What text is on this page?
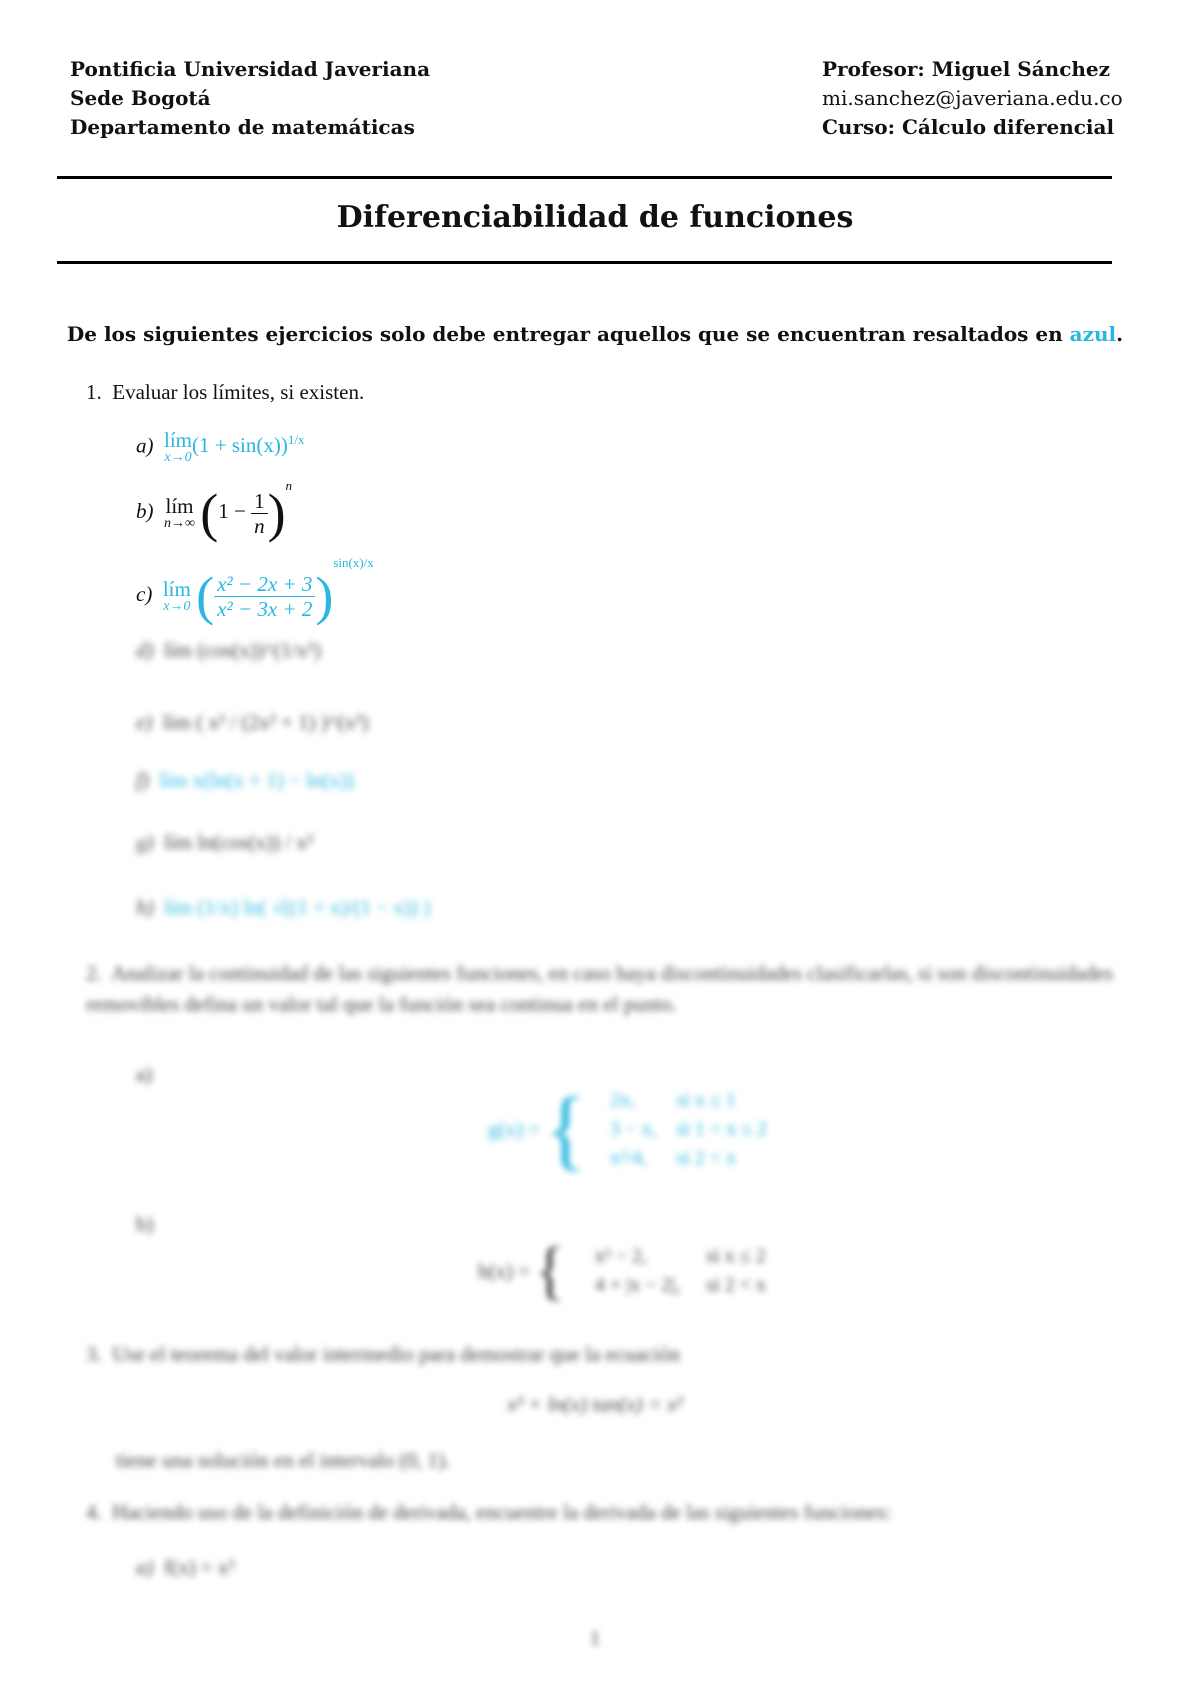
Pontificia Universidad Javeriana
Sede Bogotá
Departamento de matemáticas
Profesor: Miguel Sánchez
mi.sanchez@javeriana.edu.co
Curso: Cálculo diferencial
Diferenciabilidad de funciones
De los siguientes ejercicios solo debe entregar aquellos que se encuentran resaltados en azul.
1. Evaluar los límites, si existen.
a) lím
x→0
$(1 + \sin(x))^{1/x}$
b) lím
n→∞ $(1 - \frac{1}{n} )^n$
c) lím
x→0 ( $\frac{\text{x² − 2x + 3}}{\text{x² − 3x + 2}} )^{sin(x)/x}$
d) lím (cos(x))^(1/x²)
e) lím ( x² / (2x² + 1) )^(x²)
f) lím x(ln(x + 1) − ln(x))
g) lím ln(cos(x)) / x²
h) lím (1/x) ln( √((1 + x)/(1 − x)) )
2. Analizar la continuidad de las siguientes funciones, en caso haya discontinuidades clasificarlas, si son discontinuidades removibles defina un valor tal que la función sea continua en el punto.
a)
g(x) = { 2x,	si x ≤ 1
3 − x,	si 1 < x ≤ 2
x²/4,	si 2 < x
b)
h(x) = { x² − 2,	si x ≤ 2
4 + |x − 2|,	si 2 < x
3. Use el teorema del valor intermedio para demostrar que la ecuación
x³ + ln(x) tan(x) = x²
tiene una solución en el intervalo (0, 1).
4. Haciendo uso de la definición de derivada, encuentre la derivada de las siguientes funciones:
a) f(x) = x²
1
